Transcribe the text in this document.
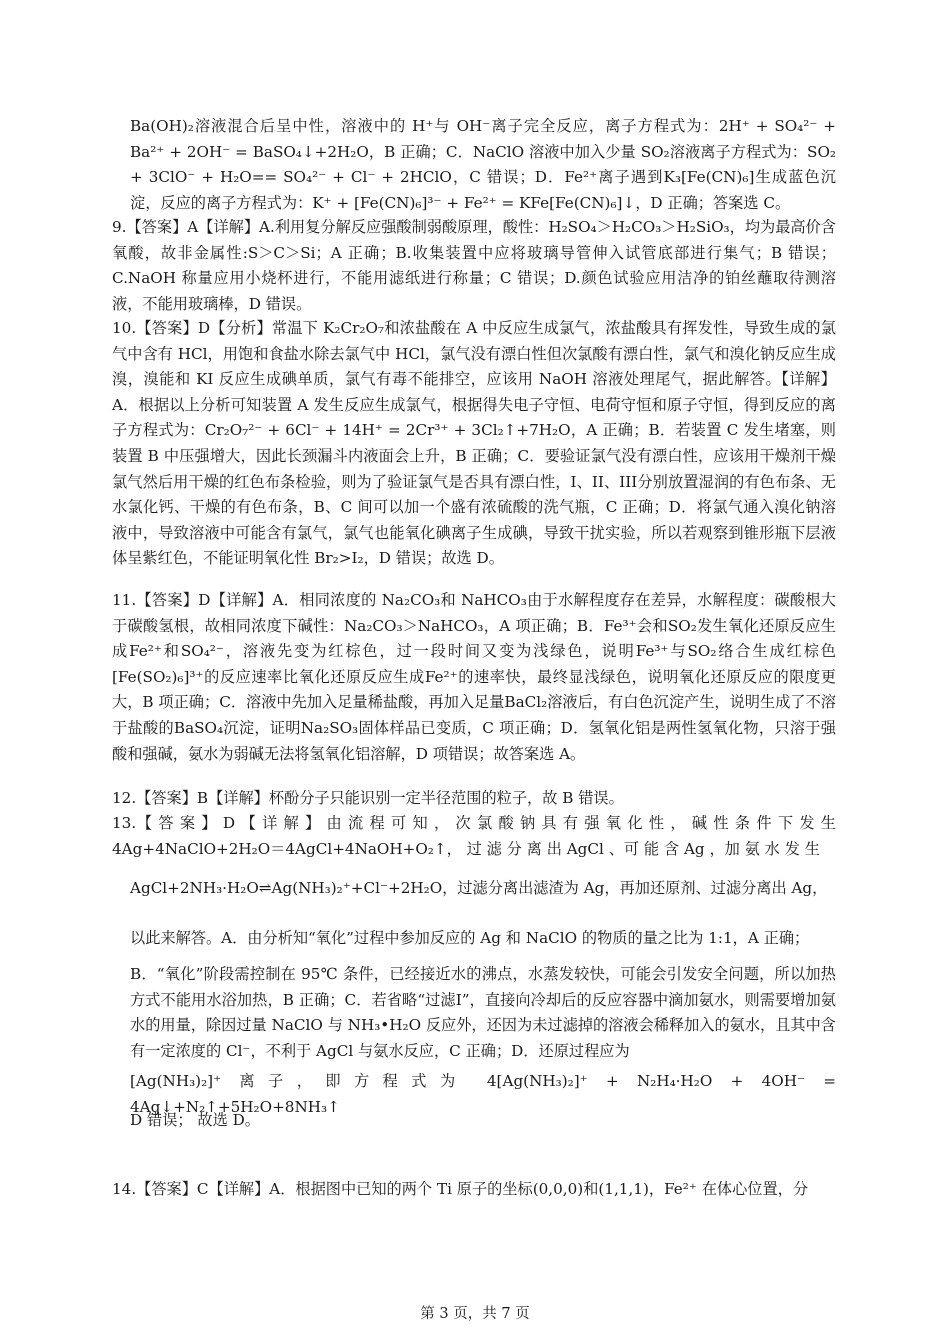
Ba(OH)₂溶液混合后呈中性，溶液中的 H⁺与 OH⁻离子完全反应，离子方程式为：2H⁺ + SO₄²⁻ + Ba²⁺ + 2OH⁻ = BaSO₄↓+2H₂O，B 正确；C．NaClO 溶液中加入少量 SO₂溶液离子方程式为：SO₂ + 3ClO⁻ + H₂O== SO₄²⁻ + Cl⁻ + 2HClO，C 错误；D．Fe²⁺离子遇到K₃[Fe(CN)₆]生成蓝色沉淀，反应的离子方程式为：K⁺ + [Fe(CN)₆]³⁻ + Fe²⁺ = KFe[Fe(CN)₆]↓，D 正确；答案选 C。

9.【答案】A【详解】A.利用复分解反应强酸制弱酸原理，酸性：H₂SO₄＞H₂CO₃＞H₂SiO₃，均为最高价含氧酸，故非金属性:S＞C＞Si；A 正确；B.收集装置中应将玻璃导管伸入试管底部进行集气；B 错误；C.NaOH 称量应用小烧杯进行，不能用滤纸进行称量；C 错误；D.颜色试验应用洁净的铂丝蘸取待测溶液，不能用玻璃棒，D 错误。

10.【答案】D【分析】常温下 K₂Cr₂O₇和浓盐酸在 A 中反应生成氯气，浓盐酸具有挥发性，导致生成的氯气中含有 HCl，用饱和食盐水除去氯气中 HCl，氯气没有漂白性但次氯酸有漂白性，氯气和溴化钠反应生成溴，溴能和 KI 反应生成碘单质，氯气有毒不能排空，应该用 NaOH 溶液处理尾气，据此解答。【详解】A．根据以上分析可知装置 A 发生反应生成氯气，根据得失电子守恒、电荷守恒和原子守恒，得到反应的离子方程式为：Cr₂O₇²⁻ + 6Cl⁻ + 14H⁺ = 2Cr³⁺ + 3Cl₂↑+7H₂O，A 正确；B．若装置 C 发生堵塞，则装置 B 中压强增大，因此长颈漏斗内液面会上升，B 正确；C．要验证氯气没有漂白性，应该用干燥剂干燥氯气然后用干燥的红色布条检验，则为了验证氯气是否具有漂白性，I、II、III分别放置湿润的有色布条、无水氯化钙、干燥的有色布条，B、C 间可以加一个盛有浓硫酸的洗气瓶，C 正确；D．将氯气通入溴化钠溶液中，导致溶液中可能含有氯气，氯气也能氧化碘离子生成碘，导致干扰实验，所以若观察到锥形瓶下层液体呈紫红色，不能证明氧化性 Br₂>I₂，D 错误；故选 D。

11.【答案】D【详解】A．相同浓度的 Na₂CO₃和 NaHCO₃由于水解程度存在差异，水解程度：碳酸根大于碳酸氢根，故相同浓度下碱性：Na₂CO₃＞NaHCO₃，A 项正确；B．Fe³⁺会和SO₂发生氧化还原反应生成Fe²⁺和SO₄²⁻，溶液先变为红棕色，过一段时间又变为浅绿色，说明Fe³⁺与SO₂络合生成红棕色[Fe(SO₂)₆]³⁺的反应速率比氧化还原反应生成Fe²⁺的速率快，最终显浅绿色，说明氧化还原反应的限度更大，B 项正确；C．溶液中先加入足量稀盐酸，再加入足量BaCl₂溶液后，有白色沉淀产生，说明生成了不溶于盐酸的BaSO₄沉淀，证明Na₂SO₃固体样品已变质，C 项正确；D．氢氧化铝是两性氢氧化物，只溶于强酸和强碱，氨水为弱碱无法将氢氧化铝溶解，D 项错误；故答案选 A。

12.【答案】B【详解】杯酚分子只能识别一定半径范围的粒子，故 B 错误。

13.【 答 案 】 D 【 详 解 】 由 流 程 可 知 ， 次 氯 酸 钠 具 有 强 氧 化 性 ， 碱 性 条 件 下 发 生 4Ag+4NaClO+2H₂O＝4AgCl+4NaOH+O₂↑， 过 滤 分 离 出 AgCl 、可 能 含 Ag ，加 氨 水 发 生

AgCl+2NH₃·H₂O⇌Ag(NH₃)₂⁺+Cl⁻+2H₂O，过滤分离出滤渣为 Ag，再加还原剂、过滤分离出 Ag，

以此来解答。A．由分析知“氧化”过程中参加反应的 Ag 和 NaClO 的物质的量之比为 1:1，A 正确；

B．“氧化”阶段需控制在 95℃ 条件，已经接近水的沸点，水蒸发较快，可能会引发安全问题，所以加热方式不能用水浴加热，B 正确；C．若省略“过滤I”，直接向冷却后的反应容器中滴加氨水，则需要增加氨水的用量，除因过量 NaClO 与 NH₃•H₂O 反应外，还因为未过滤掉的溶液会稀释加入的氨水，且其中含有一定浓度的 Cl⁻，不利于 AgCl 与氨水反应，C 正确；D．还原过程应为

[Ag(NH₃)₂]⁺ 离子，即方程式为 4[Ag(NH₃)₂]⁺ + N₂H₄·H₂O + 4OH⁻ = 4Ag↓+N₂↑+5H₂O+8NH₃↑

D 错误； 故选 D。

14.【答案】C【详解】A．根据图中已知的两个 Ti 原子的坐标(0,0,0)和(1,1,1)，Fe²⁺ 在体心位置，分

第 3 页，共 7 页
